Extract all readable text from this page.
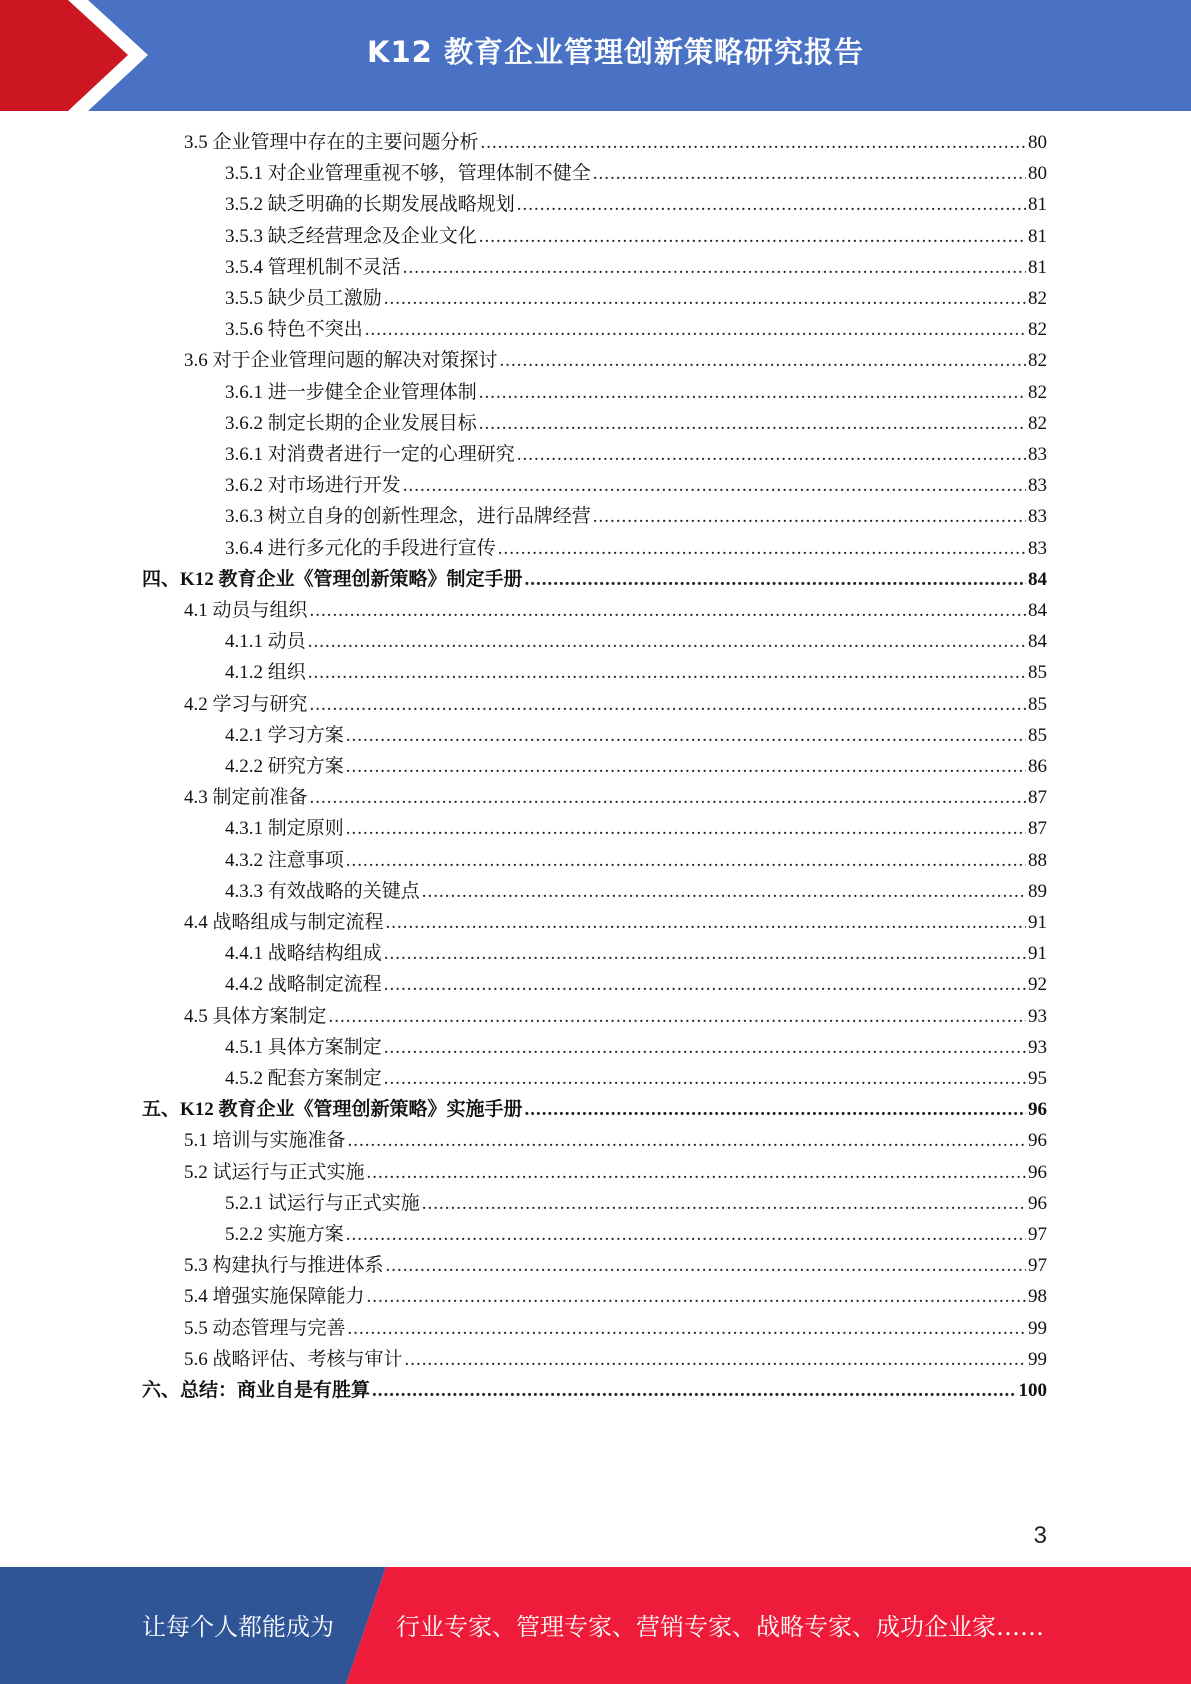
K12 教育企业管理创新策略研究报告
3.5 企业管理中存在的主要问题分析 .....	80
3.5.1 对企业管理重视不够，管理体制不健全 .....	80
3.5.2 缺乏明确的长期发展战略规划 .....	81
3.5.3 缺乏经营理念及企业文化 .....	81
3.5.4 管理机制不灵活 .....	81
3.5.5 缺少员工激励 .....	82
3.5.6 特色不突出 .....	82
3.6 对于企业管理问题的解决对策探讨 .....	82
3.6.1 进一步健全企业管理体制 .....	82
3.6.2 制定长期的企业发展目标 .....	82
3.6.1 对消费者进行一定的心理研究 .....	83
3.6.2 对市场进行开发 .....	83
3.6.3 树立自身的创新性理念，进行品牌经营 .....	83
3.6.4 进行多元化的手段进行宣传 .....	83
四、K12 教育企业《管理创新策略》制定手册 .....	84
4.1 动员与组织 .....	84
4.1.1 动员 .....	84
4.1.2 组织 .....	85
4.2 学习与研究 .....	85
4.2.1 学习方案 .....	85
4.2.2 研究方案 .....	86
4.3 制定前准备 .....	87
4.3.1 制定原则 .....	87
4.3.2 注意事项 .....	88
4.3.3 有效战略的关键点 .....	89
4.4 战略组成与制定流程 .....	91
4.4.1 战略结构组成 .....	91
4.4.2 战略制定流程 .....	92
4.5 具体方案制定 .....	93
4.5.1 具体方案制定 .....	93
4.5.2 配套方案制定 .....	95
五、K12 教育企业《管理创新策略》实施手册 .....	96
5.1 培训与实施准备 .....	96
5.2 试运行与正式实施 .....	96
5.2.1 试运行与正式实施 .....	96
5.2.2 实施方案 .....	97
5.3 构建执行与推进体系 .....	97
5.4 增强实施保障能力 .....	98
5.5 动态管理与完善 .....	99
5.6 战略评估、考核与审计 .....	99
六、总结：商业自是有胜算 .....	100
3
让每个人都能成为	行业专家、管理专家、营销专家、战略专家、成功企业家……
